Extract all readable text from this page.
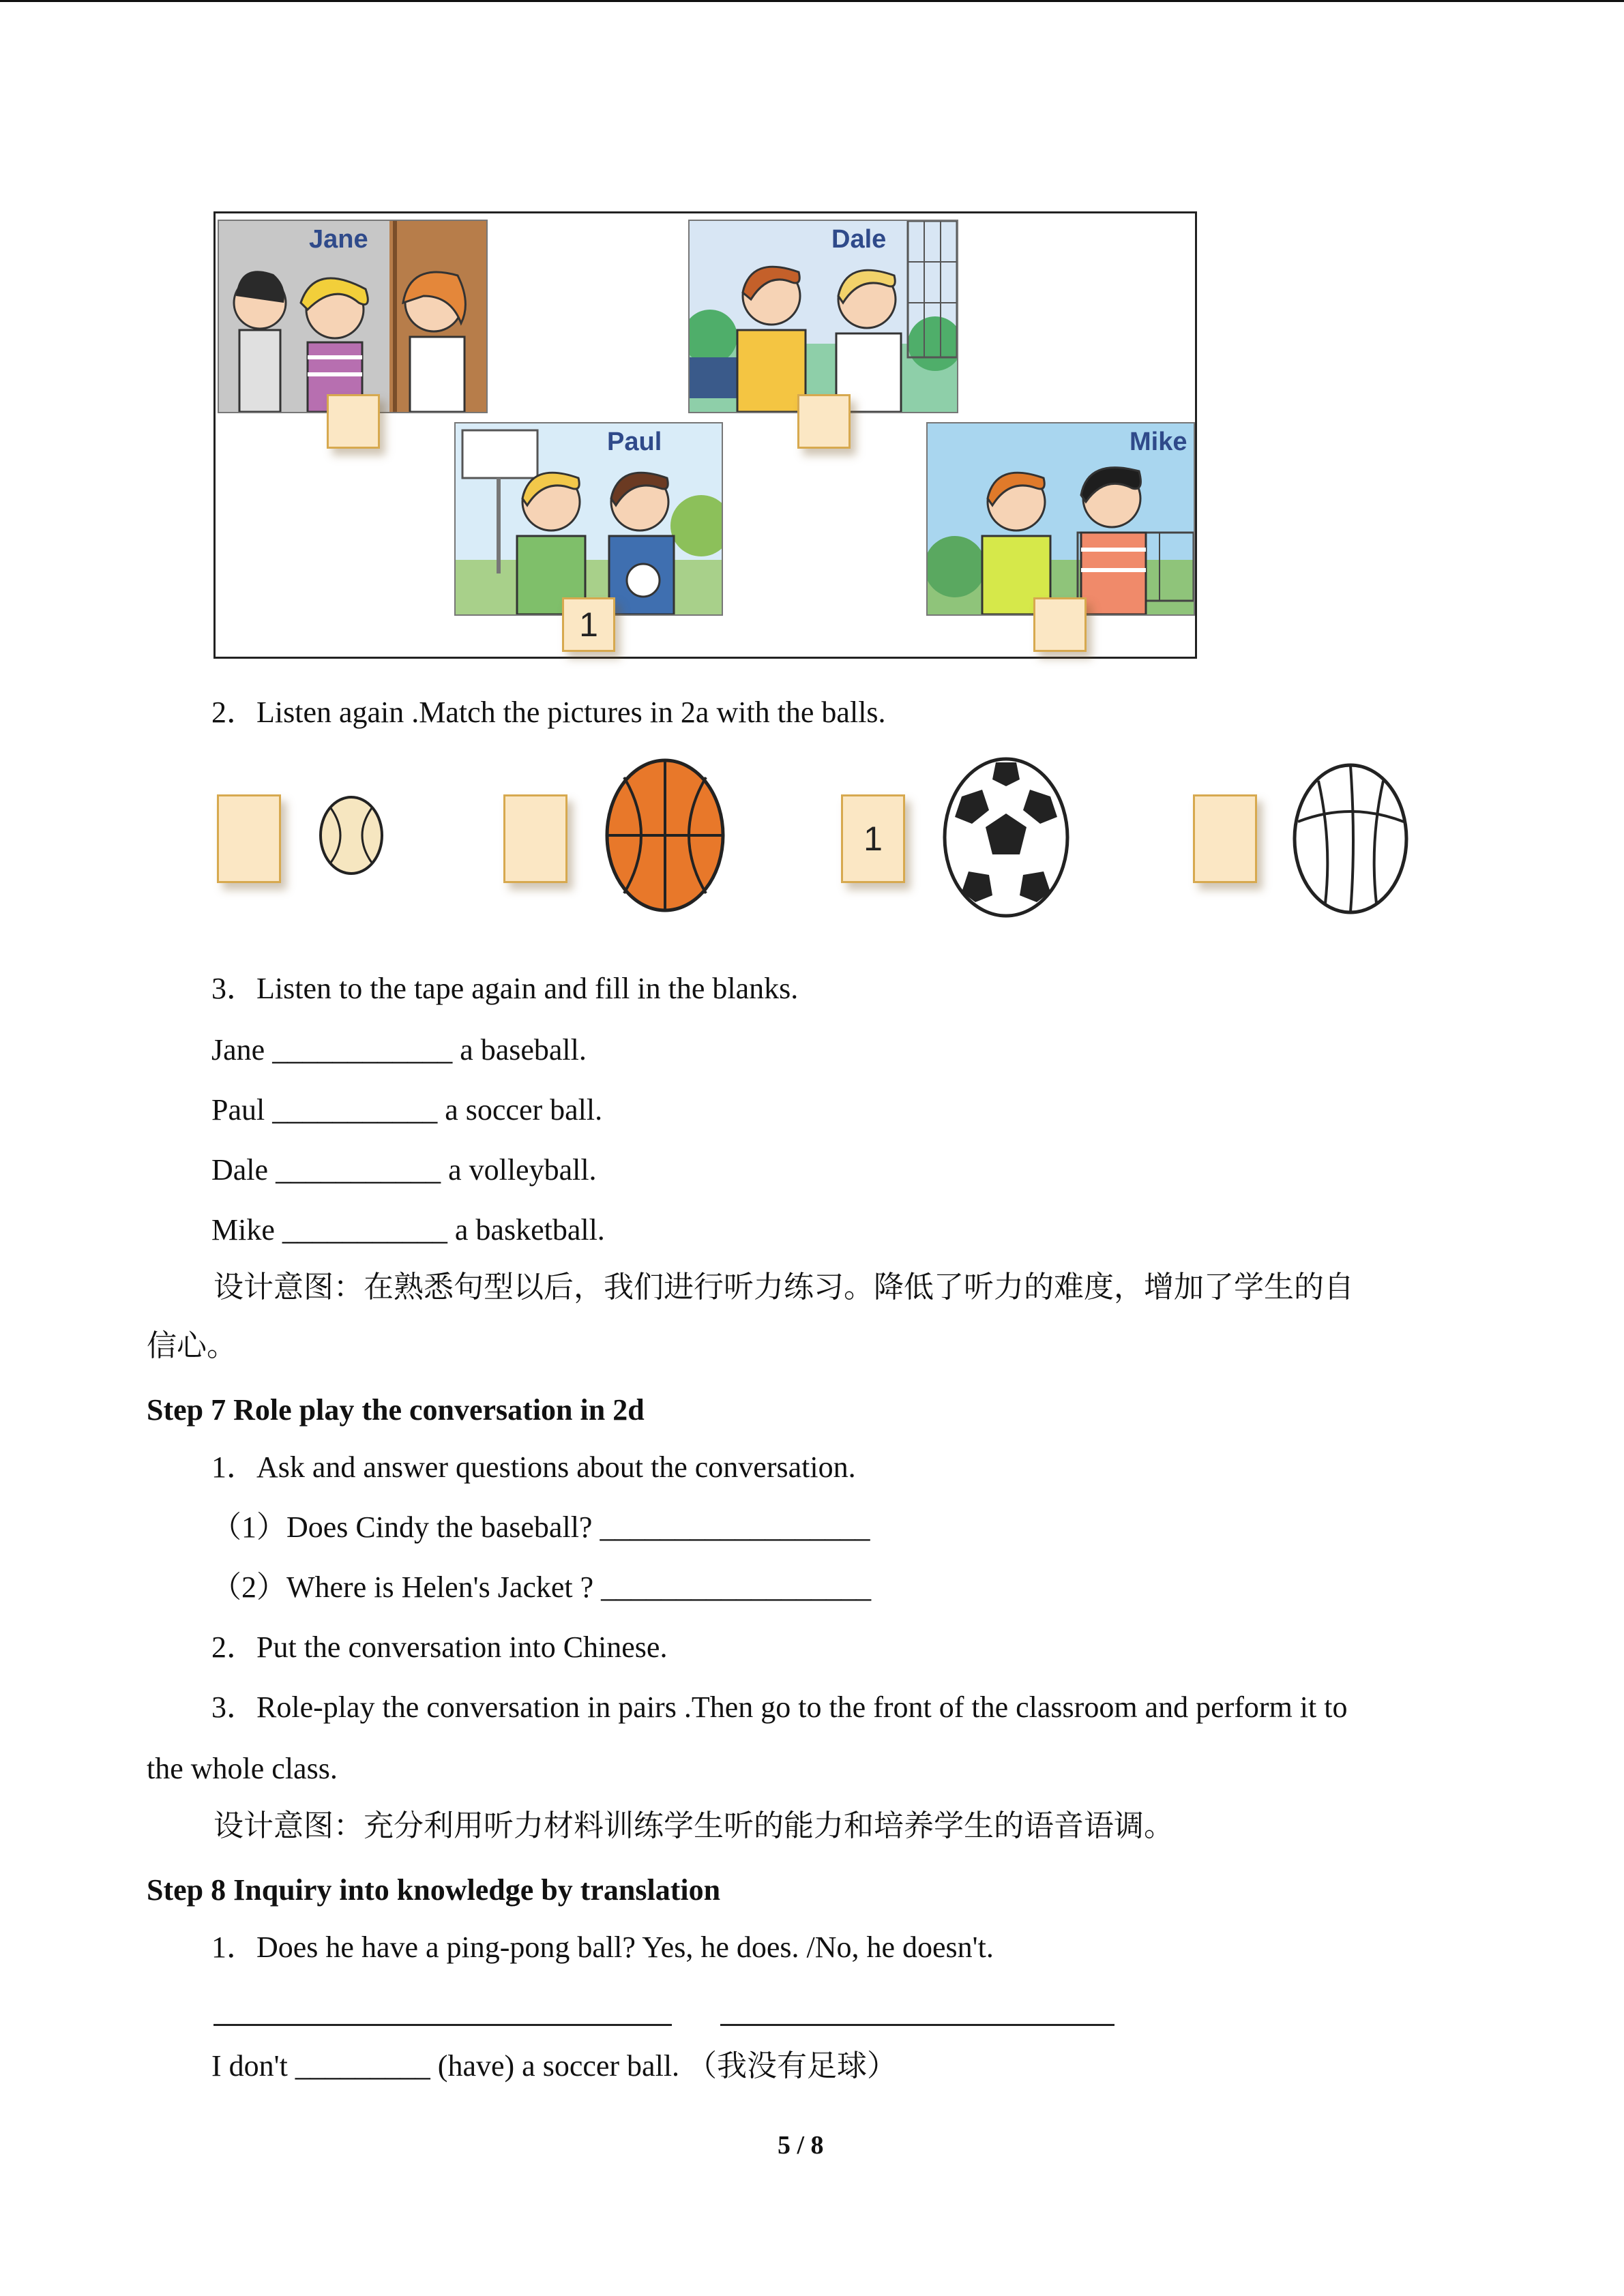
Jane	Dale
Paul
1
Mike
2．Listen again .Match the pictures in 2a with the balls.
1
3．Listen to the tape again and fill in the blanks.
Jane ____________ a baseball.
Paul ___________ a soccer ball.
Dale ___________ a volleyball.
Mike ___________ a basketball.
设计意图：在熟悉句型以后，我们进行听力练习。降低了听力的难度，增加了学生的自
信心。
Step 7 Role play the conversation in 2d
1．Ask and answer questions about the conversation.
（1）Does Cindy the baseball? __________________
（2）Where is Helen's Jacket ? __________________
2．Put the conversation into Chinese.
3．Role-play the conversation in pairs .Then go to the front of the classroom and perform it to
the whole class.
设计意图：充分利用听力材料训练学生听的能力和培养学生的语音语调。
Step 8 Inquiry into knowledge by translation
1．Does he have a ping-pong ball? Yes, he does. /No, he doesn't.
I don't _________ (have) a soccer ball. （我没有足球）
5 / 8
